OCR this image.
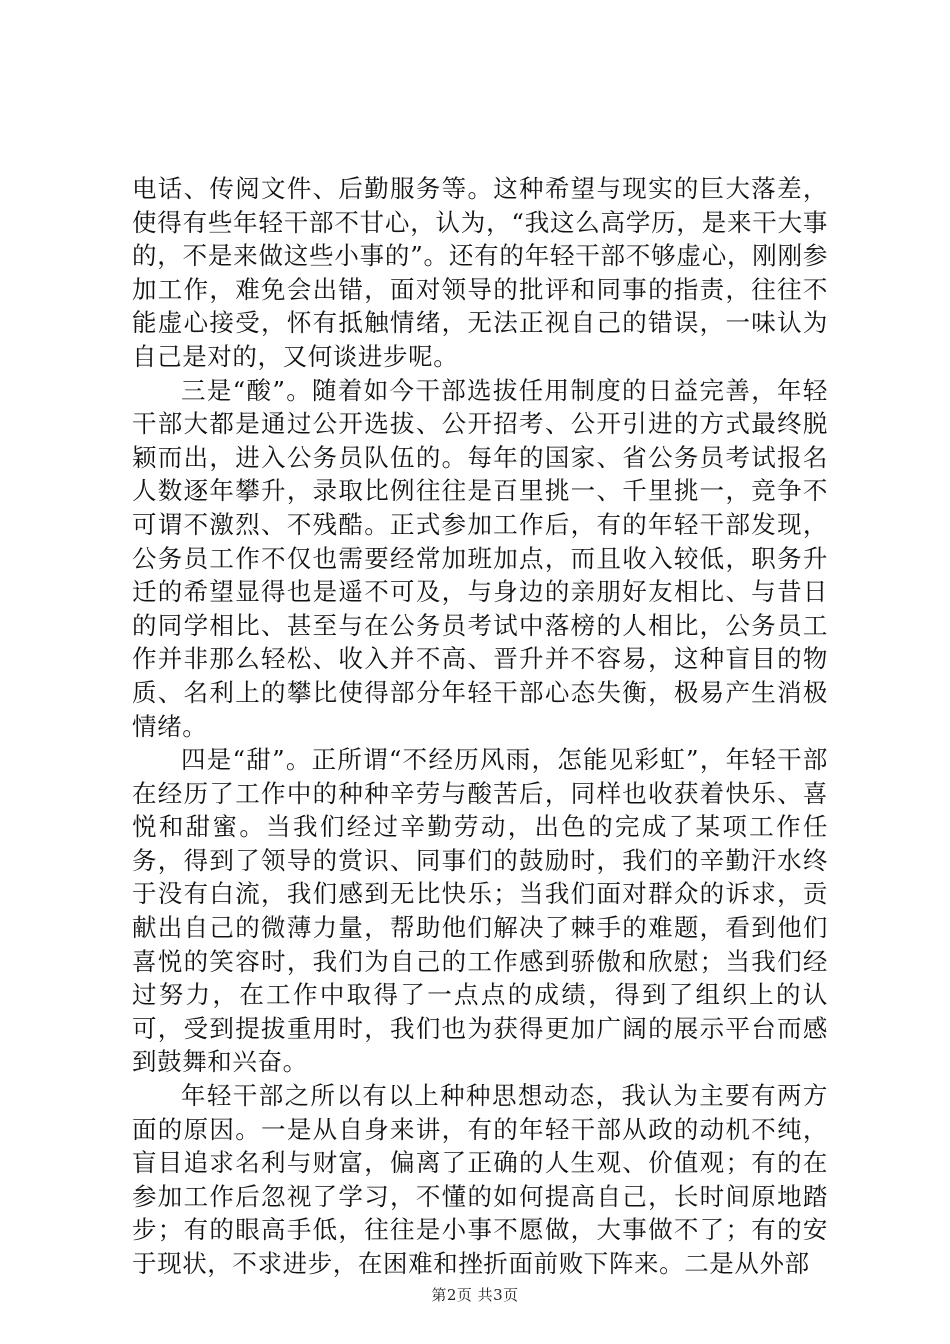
电话、传阅文件、后勤服务等。这种希望与现实的巨大落差，使得有些年轻干部不甘心，认为，“我这么高学历，是来干大事的，不是来做这些小事的”。还有的年轻干部不够虚心，刚刚参加工作，难免会出错，面对领导的批评和同事的指责，往往不能虚心接受，怀有抵触情绪，无法正视自己的错误，一味认为自己是对的，又何谈进步呢。

三是“酸”。随着如今干部选拔任用制度的日益完善，年轻干部大都是通过公开选拔、公开招考、公开引进的方式最终脱颖而出，进入公务员队伍的。每年的国家、省公务员考试报名人数逐年攀升，录取比例往往是百里挑一、千里挑一，竞争不可谓不激烈、不残酷。正式参加工作后，有的年轻干部发现，公务员工作不仅也需要经常加班加点，而且收入较低，职务升迁的希望显得也是遥不可及，与身边的亲朋好友相比、与昔日的同学相比、甚至与在公务员考试中落榜的人相比，公务员工作并非那么轻松、收入并不高、晋升并不容易，这种盲目的物质、名利上的攀比使得部分年轻干部心态失衡，极易产生消极情绪。

四是“甜”。正所谓“不经历风雨，怎能见彩虹”，年轻干部在经历了工作中的种种辛劳与酸苦后，同样也收获着快乐、喜悦和甜蜜。当我们经过辛勤劳动，出色的完成了某项工作任务，得到了领导的赏识、同事们的鼓励时，我们的辛勤汗水终于没有白流，我们感到无比快乐；当我们面对群众的诉求，贡献出自己的微薄力量，帮助他们解决了棘手的难题，看到他们喜悦的笑容时，我们为自己的工作感到骄傲和欣慰；当我们经过努力，在工作中取得了一点点的成绩，得到了组织上的认可，受到提拔重用时，我们也为获得更加广阔的展示平台而感到鼓舞和兴奋。

年轻干部之所以有以上种种思想动态，我认为主要有两方面的原因。一是从自身来讲，有的年轻干部从政的动机不纯，盲目追求名利与财富，偏离了正确的人生观、价值观；有的在参加工作后忽视了学习，不懂的如何提高自己，长时间原地踏步；有的眼高手低，往往是小事不愿做，大事做不了；有的安于现状，不求进步，在困难和挫折面前败下阵来。二是从外部

第2页 共3页
